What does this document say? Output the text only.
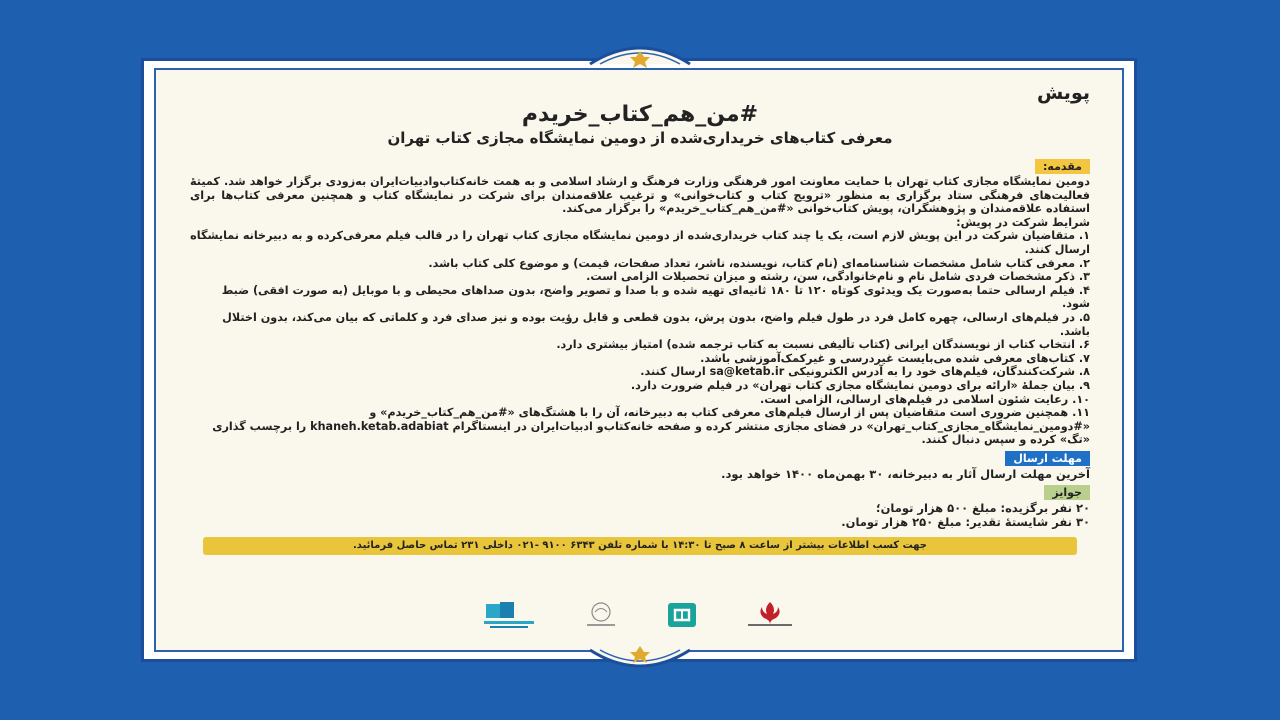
پویش
#من_هم_کتاب_خریدم
معرفی کتاب‌های خریداری‌شده از دومین نمایشگاه مجازی کتاب تهران
مقدمه:

دومین نمایشگاه مجازی کتاب تهران با حمایت معاونت امور فرهنگی وزارت فرهنگ و ارشاد اسلامی و به همت خانه‌کتاب‌وادبیات‌ایران به‌زودی برگزار خواهد شد. کمیتهٔ فعالیت‌های فرهنگی ستاد برگزاری به منظور «ترویج کتاب و کتاب‌خوانی» و ترغیب علاقه‌مندان برای شرکت در نمایشگاه کتاب و همچنین معرفی کتاب‌ها برای استفاده علاقه‌مندان و پژوهشگران، پویش کتاب‌خوانی «#من_هم_کتاب_خریدم» را برگزار می‌کند.

شرایط شرکت در پویش:

۱. متقاضیان شرکت در این پویش لازم است، یک یا چند کتاب خریداری‌شده از دومین نمایشگاه مجازی کتاب تهران را در قالب فیلم معرفی‌کرده و به دبیرخانه نمایشگاه ارسال کنند.
۲. معرفی کتاب شامل مشخصات شناسنامه‌ای (نام کتاب، نویسنده، ناشر، تعداد صفحات، قیمت) و موضوع کلی کتاب باشد.
۳. ذکر مشخصات فردی شامل نام و نام‌خانوادگی، سن، رشته و میزان تحصیلات الزامی است.
۴. فیلم ارسالی حتما به‌صورت یک ویدئوی کوتاه ۱۲۰ تا ۱۸۰ ثانیه‌ای تهیه شده و با صدا و تصویر واضح، بدون صداهای محیطی و با موبایل (به صورت افقی) ضبط شود.
۵. در فیلم‌های ارسالی، چهره کامل فرد در طول فیلم واضح، بدون پرش، بدون قطعی و قابل رؤیت بوده و نیز صدای فرد و کلماتی که بیان می‌کند، بدون اختلال باشد.
۶. انتخاب کتاب از نویسندگان ایرانی (کتاب تألیفی نسبت به کتاب ترجمه شده) امتیاز بیشتری دارد.
۷. کتاب‌های معرفی شده می‌بایست غیردرسی و غیرکمک‌آموزشی باشد.
۸. شرکت‌کنندگان، فیلم‌های خود را به آدرس الکترونیکی sa@ketab.ir ارسال کنند.
۹. بیان جملهٔ «ارائه برای دومین نمایشگاه مجازی کتاب تهران» در فیلم ضرورت دارد.
۱۰. رعایت شئون اسلامی در فیلم‌های ارسالی، الزامی است.
۱۱. همچنین ضروری است متقاضیان پس از ارسال فیلم‌های معرفی کتاب به دبیرخانه، آن را با هشتگ‌های «#من_هم_کتاب_خریدم» و «#دومین_نمایشگاه_مجازی_کتاب_تهران» در فضای مجازی منتشر کرده و صفحه خانه‌کتاب‌و ادبیات‌ایران در اینستاگرام khaneh.ketab.adabiat را برچسب گذاری «تگ» کرده و سپس دنبال کنند.
مهلت ارسال

آخرین مهلت ارسال آثار به دبیرخانه، ۳۰ بهمن‌ماه ۱۴۰۰ خواهد بود.

جوایز

۲۰ نفر برگزیده: مبلغ ۵۰۰ هزار تومان؛

۳۰ نفر شایستهٔ تقدیر: مبلغ ۲۵۰ هزار تومان.

جهت کسب اطلاعات بیشتر از ساعت ۸ صبح تا ۱۴:۳۰ با شماره تلفن ۶۳۴۳ ۹۱۰۰ -۰۲۱ داخلی ۲۳۱ تماس حاصل فرمائید.
